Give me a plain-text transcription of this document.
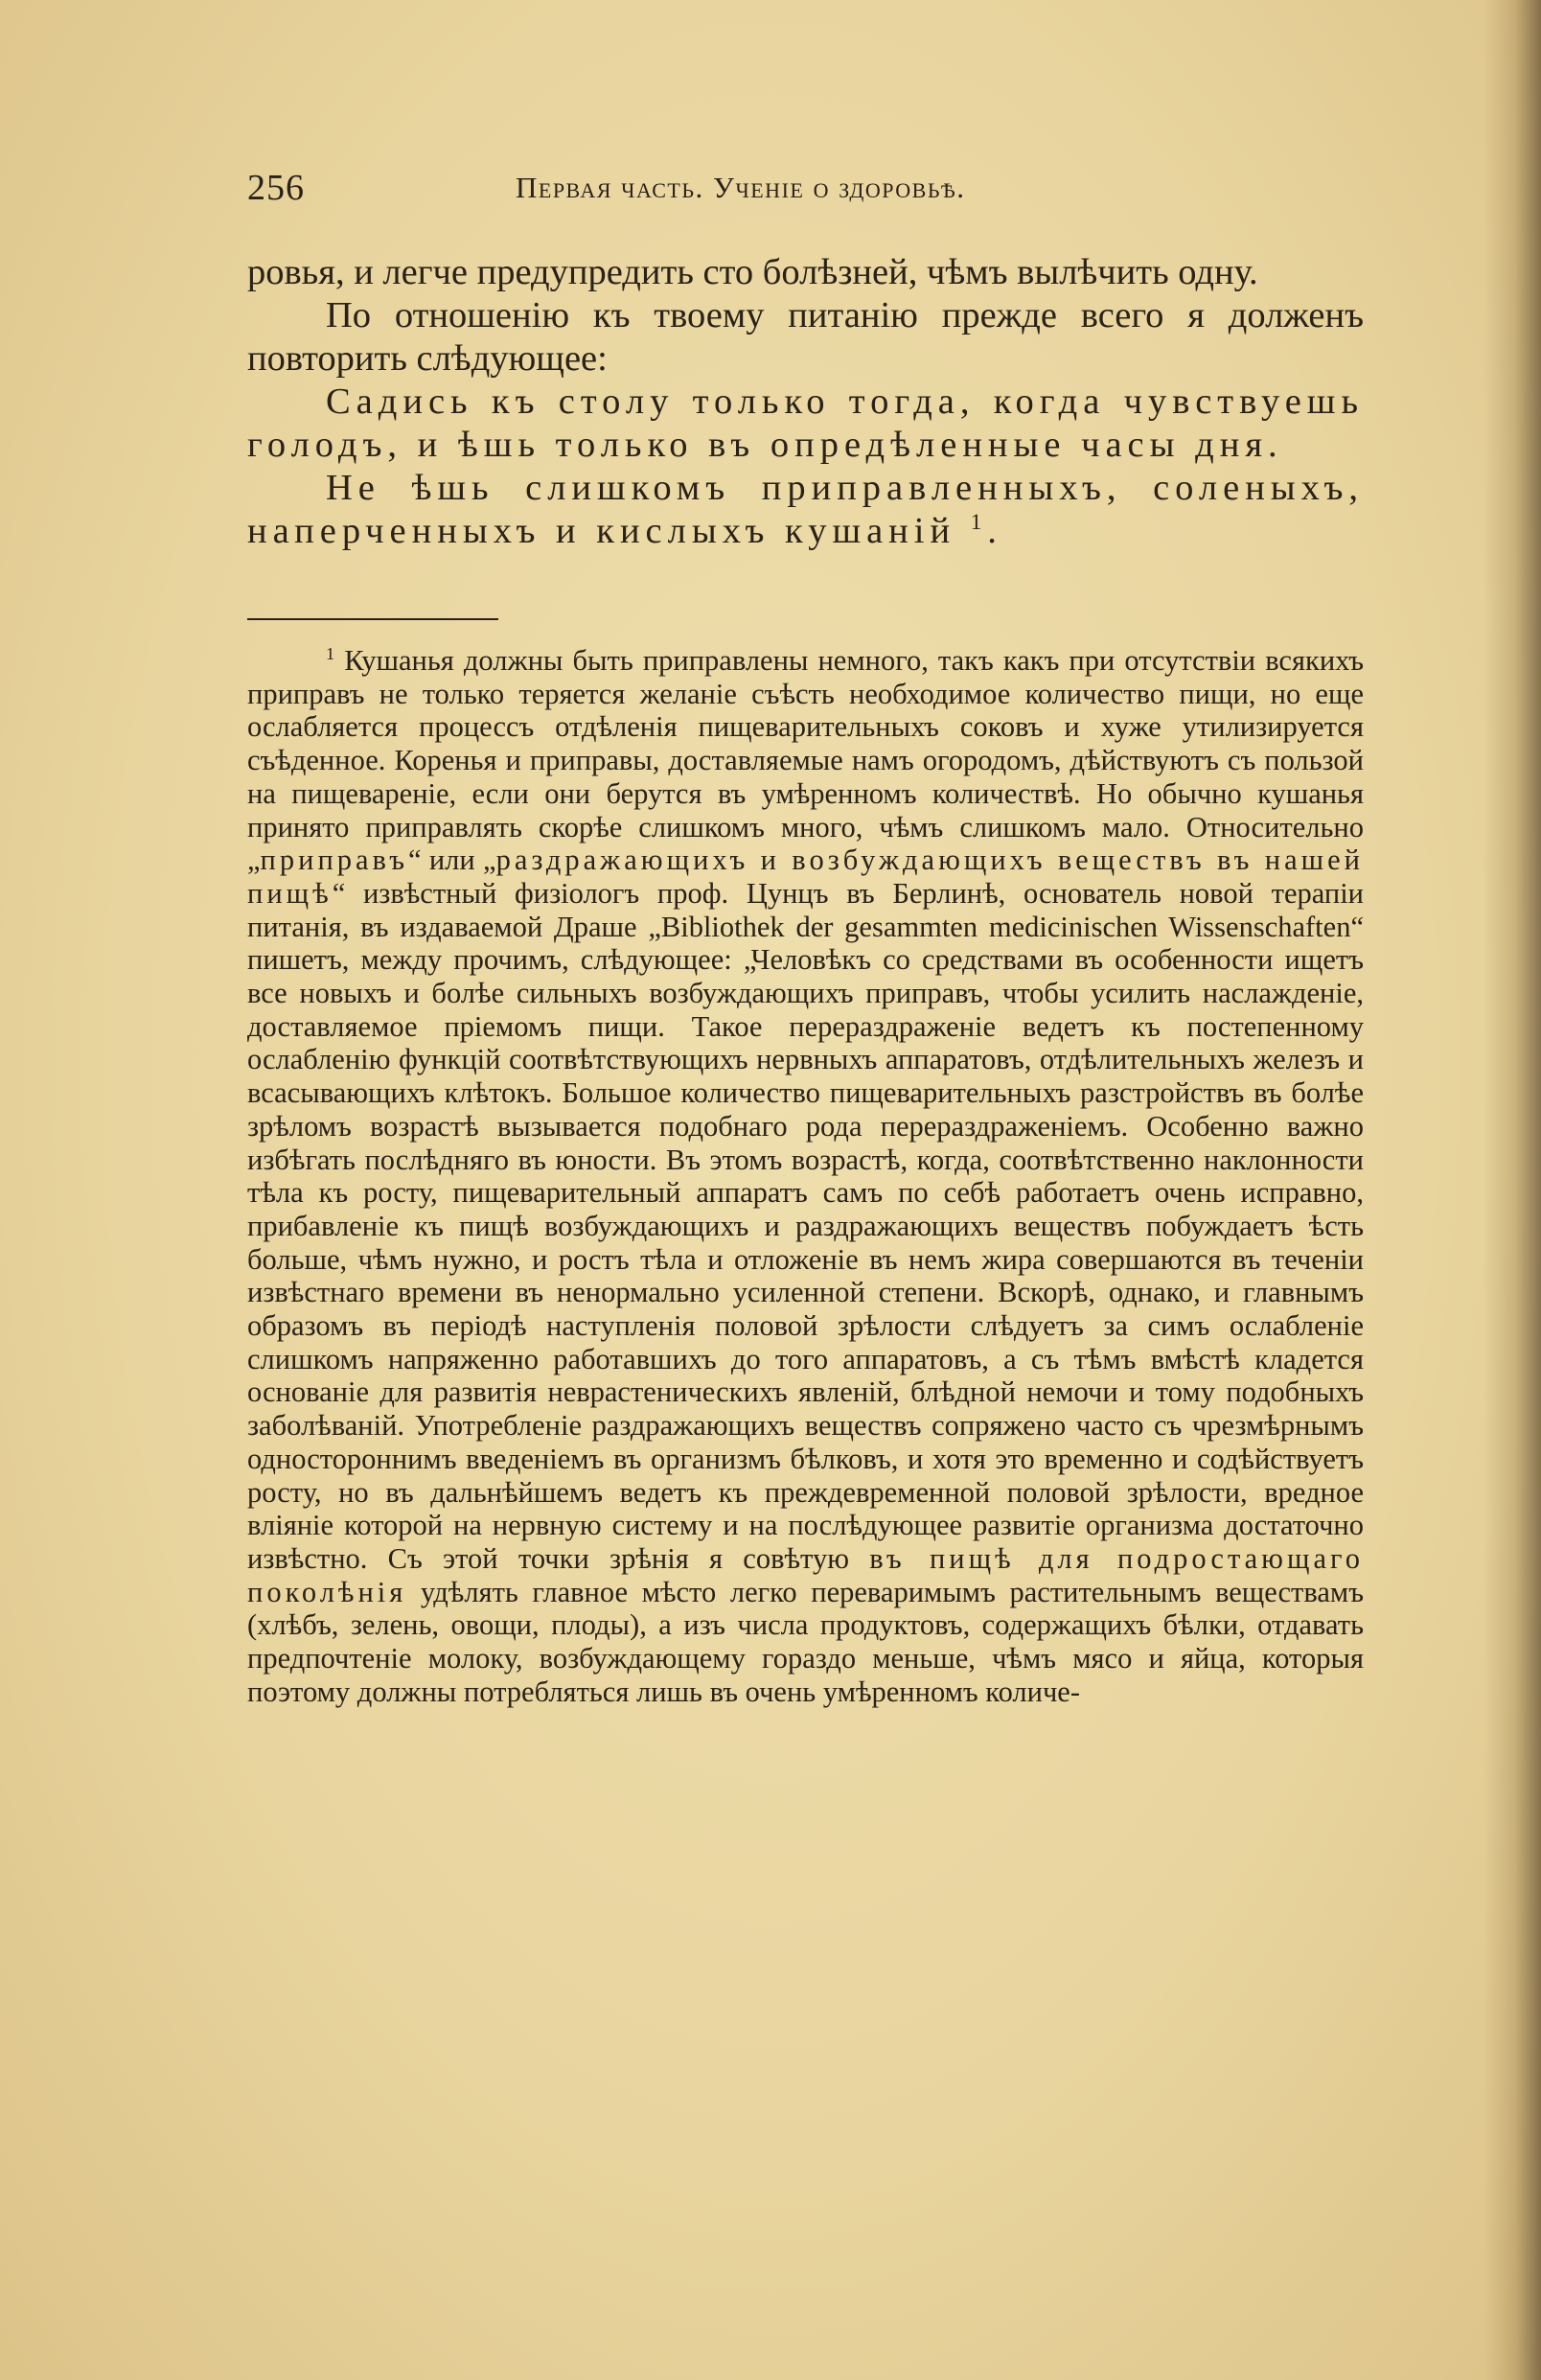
256	Первая часть. Ученiе о здоровьѣ.

ровья, и легче предупредить сто болѣзней, чѣмъ вылѣчить одну.

По отношенiю къ твоему питанiю прежде всего я долженъ повторить слѣдующее:

Садись къ столу только тогда, когда чувствуешь голодъ, и ѣшь только въ опредѣленные часы дня.

Не ѣшь слишкомъ приправленныхъ, соленыхъ, наперченныхъ и кислыхъ кушанiй $^1$.

$^1$ Кушанья должны быть приправлены немного, такъ какъ при отсутствiи всякихъ приправъ не только теряется желанiе съѣсть необходимое количество пищи, но еще ослабляется процессъ отдѣленiя пищеварительныхъ соковъ и хуже утилизируется съѣденное. Коренья и приправы, доставляемые намъ огородомъ, дѣйствуютъ съ пользой на пищеваренiе, если они берутся въ умѣренномъ количествѣ. Но обычно кушанья принято приправлять скорѣе слишкомъ много, чѣмъ слишкомъ мало. Относительно „приправъ“ или „раздражающихъ и возбуждающихъ веществъ въ нашей пищѣ“ извѣстный физiологъ проф. Цунцъ въ Берлинѣ, основатель новой терапiи питанiя, въ издаваемой Драше „Bibliothek der gesammten medicinischen Wissenschaften“ пишетъ, между прочимъ, слѣдующее: „Человѣкъ со средствами въ особенности ищетъ все новыхъ и болѣе сильныхъ возбуждающихъ приправъ, чтобы усилить наслажденiе, доставляемое прiемомъ пищи. Такое перераздраженiе ведетъ къ постепенному ослабленiю функцiй соотвѣтствующихъ нервныхъ аппаратовъ, отдѣлительныхъ железъ и всасывающихъ клѣтокъ. Большое количество пищеварительныхъ разстройствъ въ болѣе зрѣломъ возрастѣ вызывается подобнаго рода перераздраженiемъ. Особенно важно избѣгать послѣдняго въ юности. Въ этомъ возрастѣ, когда, соотвѣтственно наклонности тѣла къ росту, пищеварительный аппаратъ самъ по себѣ работаетъ очень исправно, прибавленiе къ пищѣ возбуждающихъ и раздражающихъ веществъ побуждаетъ ѣсть больше, чѣмъ нужно, и ростъ тѣла и отложенiе въ немъ жира совершаются въ теченiи извѣстнаго времени въ ненормально усиленной степени. Вскорѣ, однако, и главнымъ образомъ въ перiодѣ наступленiя половой зрѣлости слѣдуетъ за симъ ослабленiе слишкомъ напряженно работавшихъ до того аппаратовъ, а съ тѣмъ вмѣстѣ кладется основанiе для развитiя неврастеническихъ явленiй, блѣдной немочи и тому подобныхъ заболѣванiй. Употребленiе раздражающихъ веществъ сопряжено часто съ чрезмѣрнымъ одностороннимъ введенiемъ въ организмъ бѣлковъ, и хотя это временно и содѣйствуетъ росту, но въ дальнѣйшемъ ведетъ къ преждевременной половой зрѣлости, вредное влiянiе которой на нервную систему и на послѣдующее развитiе организма достаточно извѣстно. Съ этой точки зрѣнiя я совѣтую въ пищѣ для подростающаго поколѣнiя удѣлять главное мѣсто легко переваримымъ растительнымъ веществамъ (хлѣбъ, зелень, овощи, плоды), а изъ числа продуктовъ, содержащихъ бѣлки, отдавать предпочтенiе молоку, возбуждающему гораздо меньше, чѣмъ мясо и яйца, которыя поэтому должны потребляться лишь въ очень умѣренномъ количе-
